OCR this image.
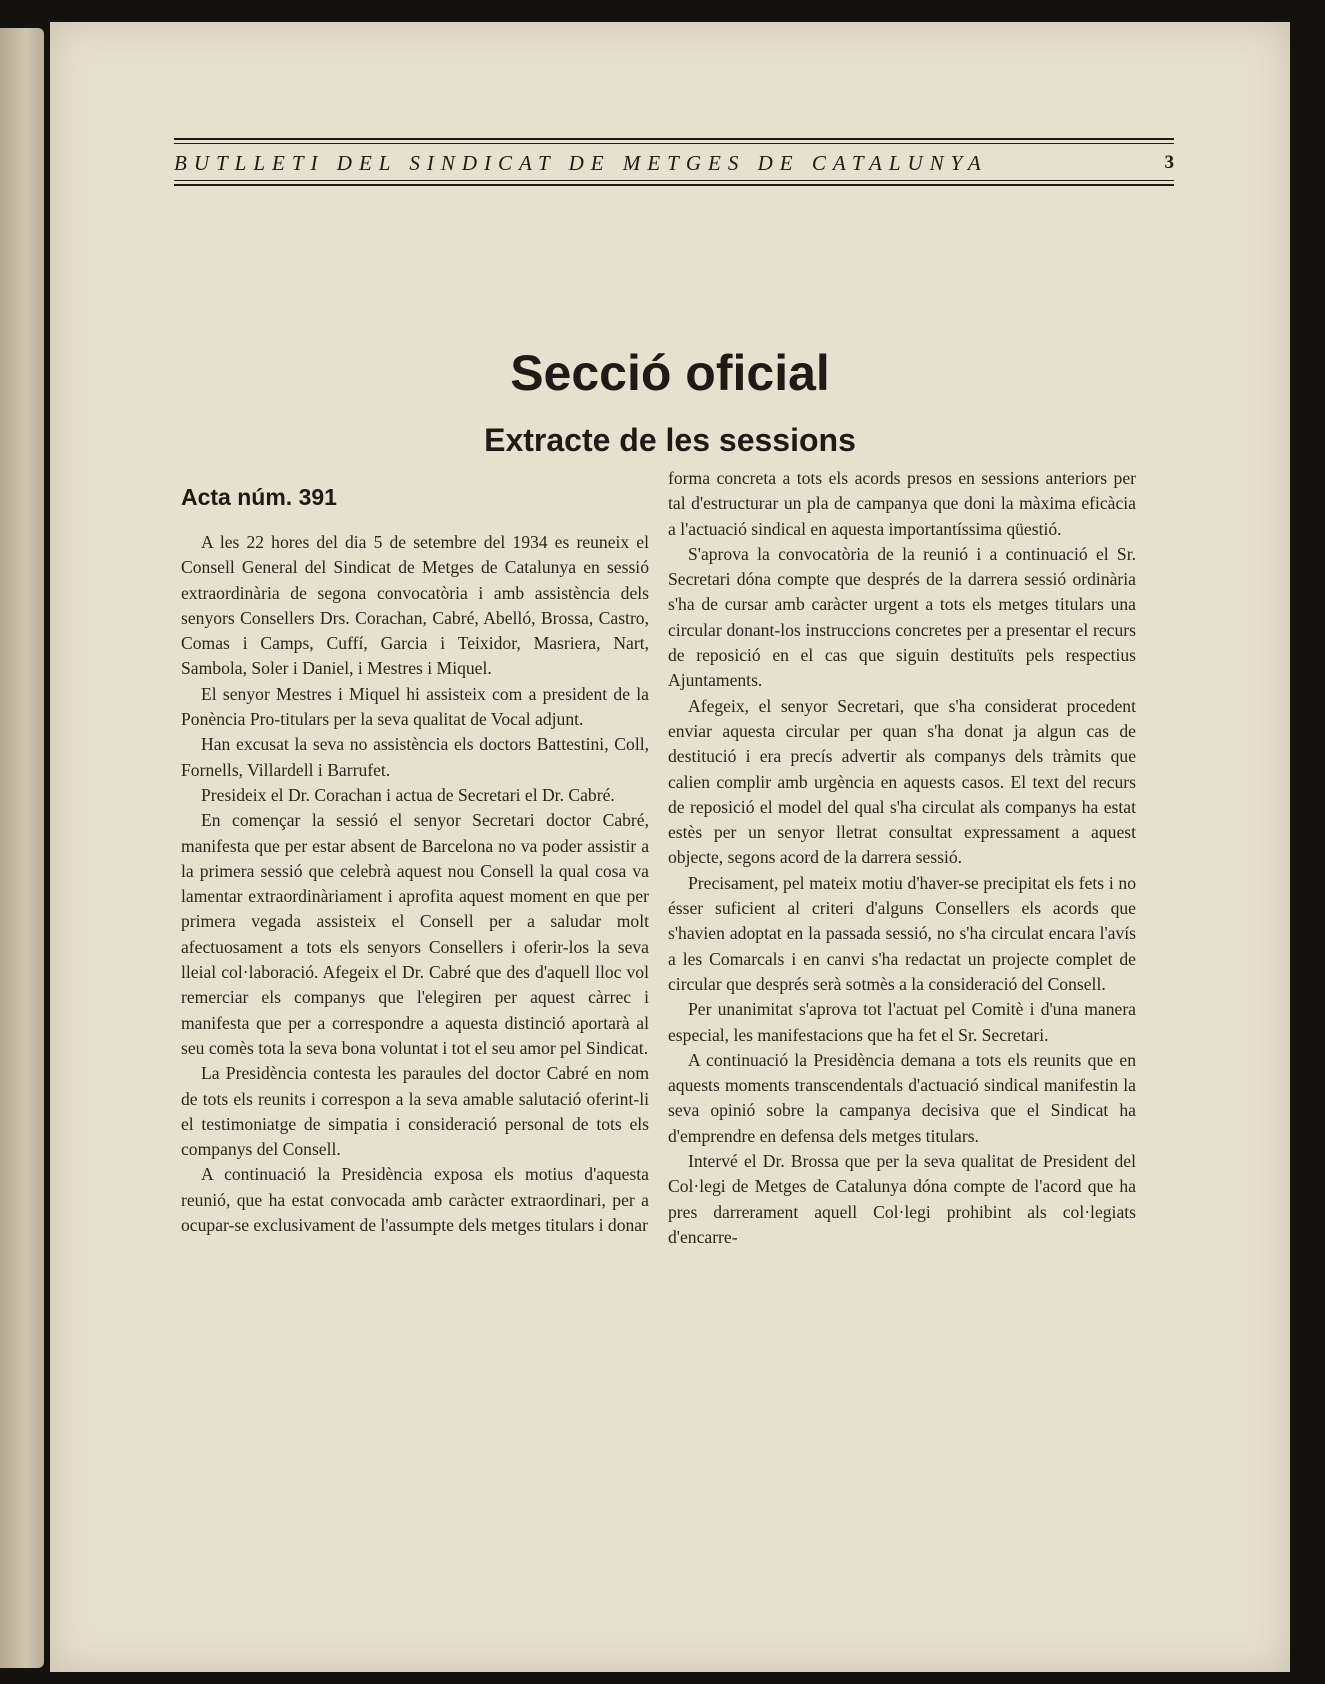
BUTLLETI DEL SINDICAT DE METGES DE CATALUNYA	3
Secció oficial
Extracte de les sessions
Acta núm. 391

A les 22 hores del dia 5 de setembre del 1934 es reuneix el Consell General del Sindicat de Metges de Catalunya en sessió extraordinària de segona convocatòria i amb assistència dels senyors Consellers Drs. Corachan, Cabré, Abelló, Brossa, Castro, Comas i Camps, Cuffí, Garcia i Teixidor, Masriera, Nart, Sambola, Soler i Daniel, i Mestres i Miquel.

El senyor Mestres i Miquel hi assisteix com a president de la Ponència Pro-titulars per la seva qualitat de Vocal adjunt.

Han excusat la seva no assistència els doctors Battestini, Coll, Fornells, Villardell i Barrufet.

Presideix el Dr. Corachan i actua de Secretari el Dr. Cabré.

En començar la sessió el senyor Secretari doctor Cabré, manifesta que per estar absent de Barcelona no va poder assistir a la primera sessió que celebrà aquest nou Consell la qual cosa va lamentar extraordinàriament i aprofita aquest moment en que per primera vegada assisteix el Consell per a saludar molt afectuosament a tots els senyors Consellers i oferir-los la seva lleial col·laboració. Afegeix el Dr. Cabré que des d'aquell lloc vol remerciar els companys que l'elegiren per aquest càrrec i manifesta que per a correspondre a aquesta distinció aportarà al seu comès tota la seva bona voluntat i tot el seu amor pel Sindicat.

La Presidència contesta les paraules del doctor Cabré en nom de tots els reunits i correspon a la seva amable salutació oferint-li el testimoniatge de simpatia i consideració personal de tots els companys del Consell.

A continuació la Presidència exposa els motius d'aquesta reunió, que ha estat convocada amb caràcter extraordinari, per a ocupar-se exclusivament de l'assumpte dels metges titulars i donar

forma concreta a tots els acords presos en sessions anteriors per tal d'estructurar un pla de campanya que doni la màxima eficàcia a l'actuació sindical en aquesta importantíssima qüestió.

S'aprova la convocatòria de la reunió i a continuació el Sr. Secretari dóna compte que després de la darrera sessió ordinària s'ha de cursar amb caràcter urgent a tots els metges titulars una circular donant-los instruccions concretes per a presentar el recurs de reposició en el cas que siguin destituïts pels respectius Ajuntaments.

Afegeix, el senyor Secretari, que s'ha considerat procedent enviar aquesta circular per quan s'ha donat ja algun cas de destitució i era precís advertir als companys dels tràmits que calien complir amb urgència en aquests casos. El text del recurs de reposició el model del qual s'ha circulat als companys ha estat estès per un senyor lletrat consultat expressament a aquest objecte, segons acord de la darrera sessió.

Precisament, pel mateix motiu d'haver-se precipitat els fets i no ésser suficient al criteri d'alguns Consellers els acords que s'havien adoptat en la passada sessió, no s'ha circulat encara l'avís a les Comarcals i en canvi s'ha redactat un projecte complet de circular que després serà sotmès a la consideració del Consell.

Per unanimitat s'aprova tot l'actuat pel Comitè i d'una manera especial, les manifestacions que ha fet el Sr. Secretari.

A continuació la Presidència demana a tots els reunits que en aquests moments transcendentals d'actuació sindical manifestin la seva opinió sobre la campanya decisiva que el Sindicat ha d'emprendre en defensa dels metges titulars.

Intervé el Dr. Brossa que per la seva qualitat de President del Col·legi de Metges de Catalunya dóna compte de l'acord que ha pres darrerament aquell Col·legi prohibint als col·legiats d'encarre-
